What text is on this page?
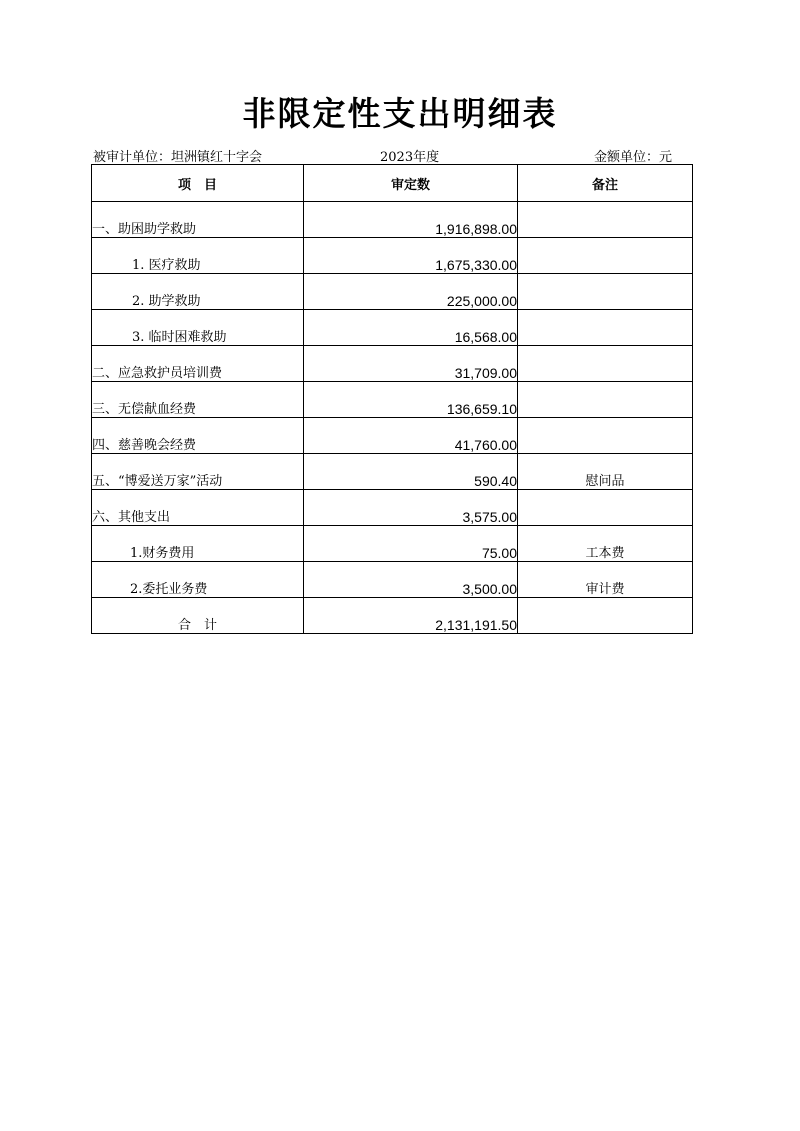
非限定性支出明细表
被审计单位：坦洲镇红十字会	2023年度	金额单位：元
项　目	审定数	备注
一、助困助学救助	1,916,898.00	
1. 医疗救助	1,675,330.00	
2. 助学救助	225,000.00	
3. 临时困难救助	16,568.00	
二、应急救护员培训费	31,709.00	
三、无偿献血经费	136,659.10	
四、慈善晚会经费	41,760.00	
五、“博爱送万家”活动	590.40	慰问品
六、其他支出	3,575.00	
1.财务费用	75.00	工本费
2.委托业务费	3,500.00	审计费
合　计	2,131,191.50	
